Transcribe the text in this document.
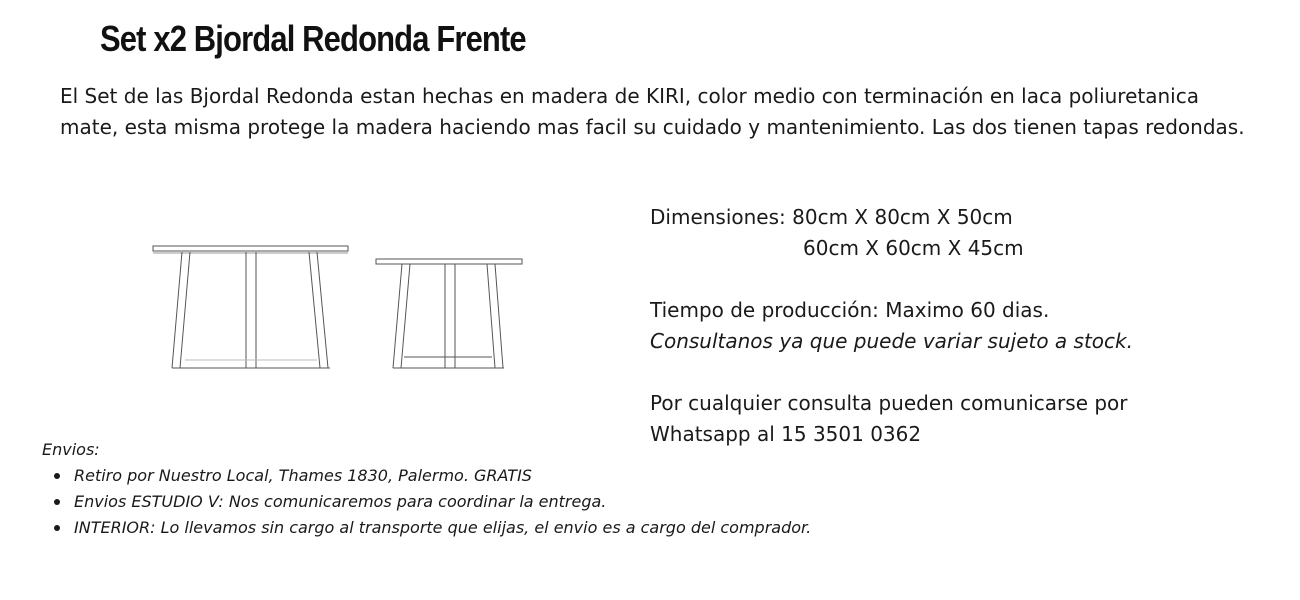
Set x2 Bjordal Redonda Frente

El Set de las Bjordal Redonda estan hechas en madera de KIRI, color medio con terminación en laca poliuretanica mate, esta misma protege la madera haciendo mas facil su cuidado y mantenimiento. Las dos tienen tapas redondas.

Dimensiones: 80cm X 80cm X 50cm

60cm X 60cm X 45cm

Tiempo de producción: Maximo 60 dias.

Consultanos ya que puede variar sujeto a stock.

Por cualquier consulta pueden comunicarse por

Whatsapp al 15 3501 0362

Envios:

Retiro por Nuestro Local, Thames 1830, Palermo. GRATIS
Envios ESTUDIO V: Nos comunicaremos para coordinar la entrega.
INTERIOR: Lo llevamos sin cargo al transporte que elijas, el envio es a cargo del comprador.
